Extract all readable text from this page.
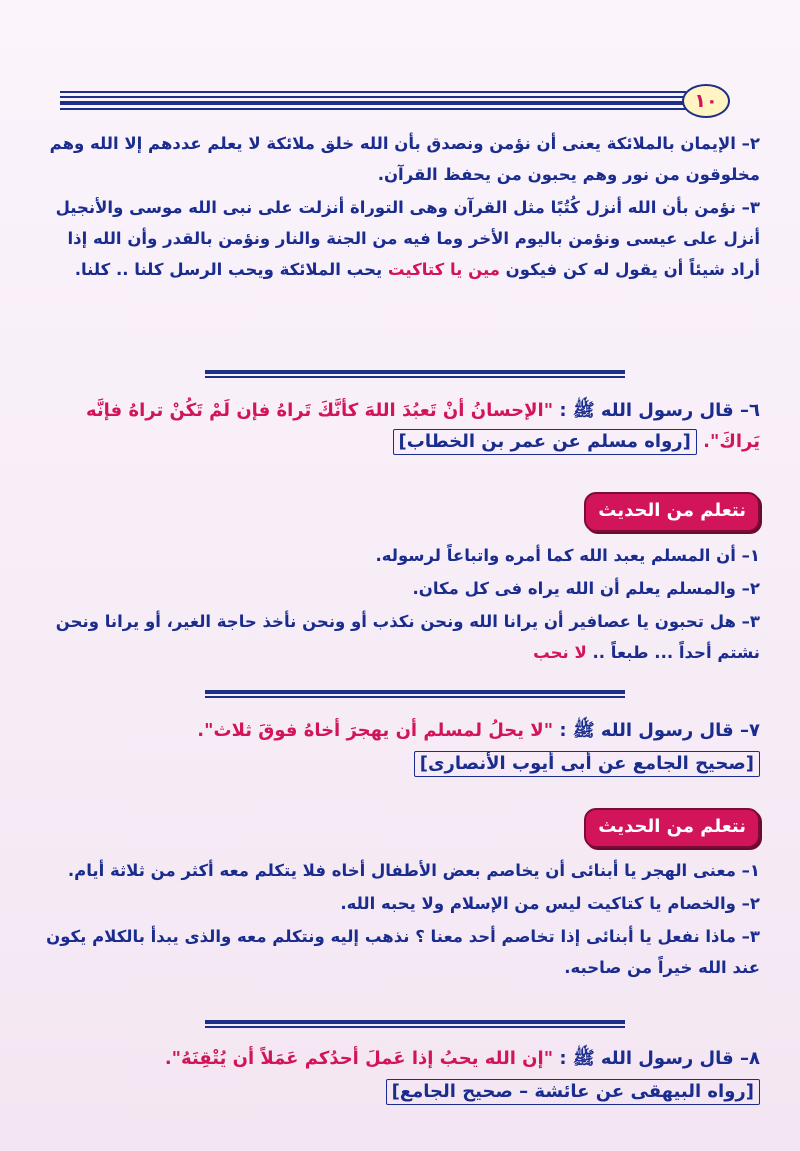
١٠

٢– الإيمان بالملائكة يعنى أن نؤمن ونصدق بأن الله خلق ملائكة لا يعلم عددهم إلا الله وهم مخلوقون من نور وهم يحبون من يحفظ القرآن.

٣– نؤمن بأن الله أنزل كُتُبًا مثل القرآن وهى التوراة أنزلت على نبى الله موسى والأنجيل أنزل على عيسى ونؤمن باليوم الأخر وما فيه من الجنة والنار ونؤمن بالقدر وأن الله إذا أراد شيئاً أن يقول له كن فيكون مين يا كتاكيت يحب الملائكة ويحب الرسل كلنا .. كلنا.

٦– قال رسول الله ﷺ : "الإحسانُ أنْ تَعبُدَ اللهَ كأنَّكَ تَراهُ فإن لَمْ تَكُنْ تراهُ فإنَّه يَراكَ". [رواه مسلم عن عمر بن الخطاب]

نتعلم من الحديث

١– أن المسلم يعبد الله كما أمره واتباعاً لرسوله.

٢– والمسلم يعلم أن الله يراه فى كل مكان.

٣– هل تحبون يا عصافير أن يرانا الله ونحن نكذب أو ونحن نأخذ حاجة الغير، أو يرانا ونحن نشتم أحداً ... طبعاً .. لا نحب

٧– قال رسول الله ﷺ : "لا يحلُ لمسلم أن يهجرَ أخاهُ فوقَ ثلاث".

[صحيح الجامع عن أبى أيوب الأنصارى]

نتعلم من الحديث

١– معنى الهجر يا أبنائى أن يخاصم بعض الأطفال أخاه فلا يتكلم معه أكثر من ثلاثة أيام.

٢– والخصام يا كتاكيت ليس من الإسلام ولا يحبه الله.

٣– ماذا نفعل يا أبنائى إذا تخاصم أحد معنا ؟ نذهب إليه ونتكلم معه والذى يبدأ بالكلام يكون عند الله خيراً من صاحبه.

٨– قال رسول الله ﷺ : "إن الله يحبُ إذا عَملَ أحدُكم عَمَلاً أن يُتْقِنَهُ".

[رواه البيهقى عن عائشة – صحيح الجامع]
